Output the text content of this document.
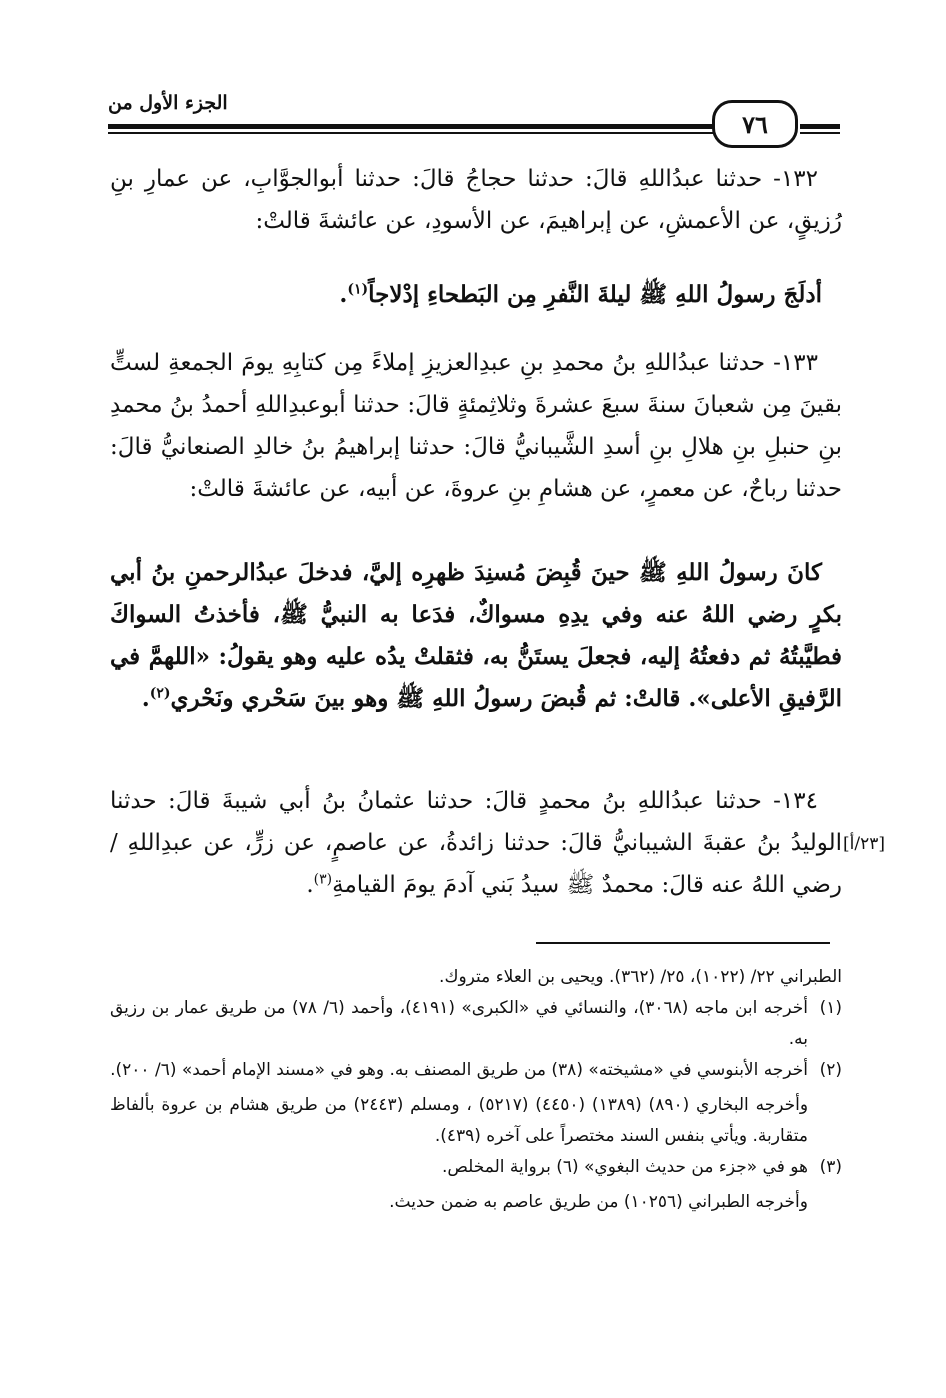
الجزء الأول من
٧٦
١٣٢- حدثنا عبدُاللهِ قالَ: حدثنا حجاجُ قالَ: حدثنا أبوالجوَّابِ، عن عمارِ بنِ رُزيقٍ، عن الأعمشِ، عن إبراهيمَ، عن الأسودِ، عن عائشةَ قالتْ:
أدلَجَ رسولُ اللهِ ﷺ ليلةَ النَّفرِ مِن البَطحاءِ إدْلاجاً$^{(١)}$.
١٣٣- حدثنا عبدُاللهِ بنُ محمدِ بنِ عبدِالعزيزِ إملاءً مِن كتابِهِ يومَ الجمعةِ لستٍّ بقينَ مِن شعبانَ سنةَ سبعَ عشرةَ وثلاثِمئةٍ قالَ: حدثنا أبوعبدِاللهِ أحمدُ بنُ محمدِ بنِ حنبلِ بنِ هلالِ بنِ أسدِ الشَّيبانيُّ قالَ: حدثنا إبراهيمُ بنُ خالدِ الصنعانيُّ قالَ: حدثنا رباحٌ، عن معمرٍ، عن هشامِ بنِ عروةَ، عن أبيه، عن عائشةَ قالتْ:
كانَ رسولُ اللهِ ﷺ حينَ قُبِضَ مُسنِدَ ظهرِه إليَّ، فدخلَ عبدُالرحمنِ بنُ أبي بكرٍ رضي اللهُ عنه وفي يدِهِ مسواكٌ، فدَعا به النبيُّ ﷺ، فأخذتُ السواكَ فطيَّبتُهُ ثم دفعتُهُ إليه، فجعلَ يستَنُّ به، فثقلتْ يدُه عليه وهو يقولُ: «اللهمَّ في الرَّفيقِ الأعلى». قالتْ: ثم قُبضَ رسولُ اللهِ ﷺ وهو بينَ سَحْري ونَحْري$^{(٢)}$.
١٣٤- حدثنا عبدُاللهِ بنُ محمدٍ قالَ: حدثنا عثمانُ بنُ أبي شيبةَ قالَ: حدثنا الوليدُ بنُ عقبةَ الشيبانيُّ قالَ: حدثنا زائدةُ، عن عاصمٍ، عن زرٍّ، عن عبدِاللهِ / رضي اللهُ عنه قالَ: محمدٌ ﷺ سيدُ بَني آدمَ يومَ القيامةِ$^{(٣)}$.
[٢٣/أ]

الطبراني ٢٢/ (١٠٢٢)، ٢٥/ (٣٦٢). ويحيى بن العلاء متروك.

(١)
أخرجه ابن ماجه (٣٠٦٨)، والنسائي في «الكبرى» (٤١٩١)، وأحمد (٦/ ٧٨) من طريق عمار بن رزيق به.
(٢)
أخرجه الأبنوسي في «مشيخته» (٣٨) من طريق المصنف به. وهو في «مسند الإمام أحمد» (٦/ ٢٠٠).

وأخرجه البخاري (٨٩٠) (١٣٨٩) (٤٤٥٠) (٥٢١٧) ، ومسلم (٢٤٤٣) من طريق هشام بن عروة بألفاظ متقاربة. ويأتي بنفس السند مختصراً على آخره (٤٣٩).

(٣)
هو في «جزء من حديث البغوي» (٦) برواية المخلص.

وأخرجه الطبراني (١٠٢٥٦) من طريق عاصم به ضمن حديث.
